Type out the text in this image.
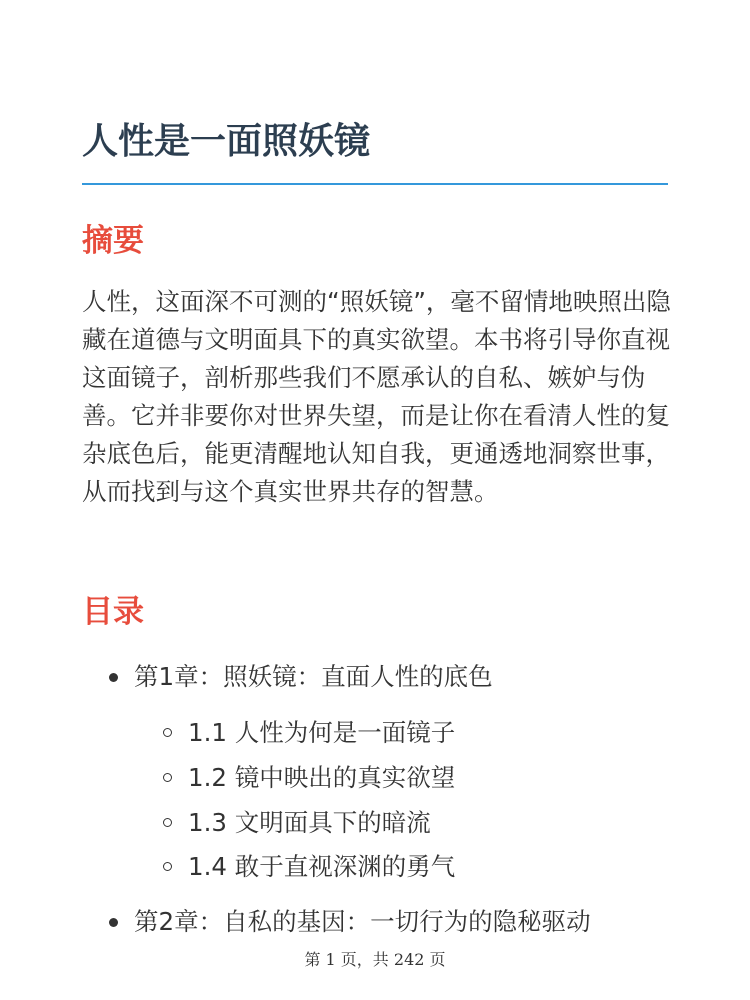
人性是一面照妖镜
摘要

人性，这面深不可测的“照妖镜”，毫不留情地映照出隐藏在道德与文明面具下的真实欲望。本书将引导你直视这面镜子，剖析那些我们不愿承认的自私、嫉妒与伪善。它并非要你对世界失望，而是让你在看清人性的复杂底色后，能更清醒地认知自我，更通透地洞察世事，从而找到与这个真实世界共存的智慧。

目录
第1章：照妖镜：直面人性的底色
1.1 人性为何是一面镜子
1.2 镜中映出的真实欲望
1.3 文明面具下的暗流
1.4 敢于直视深渊的勇气
第2章：自私的基因：一切行为的隐秘驱动
第 1 页，共 242 页
